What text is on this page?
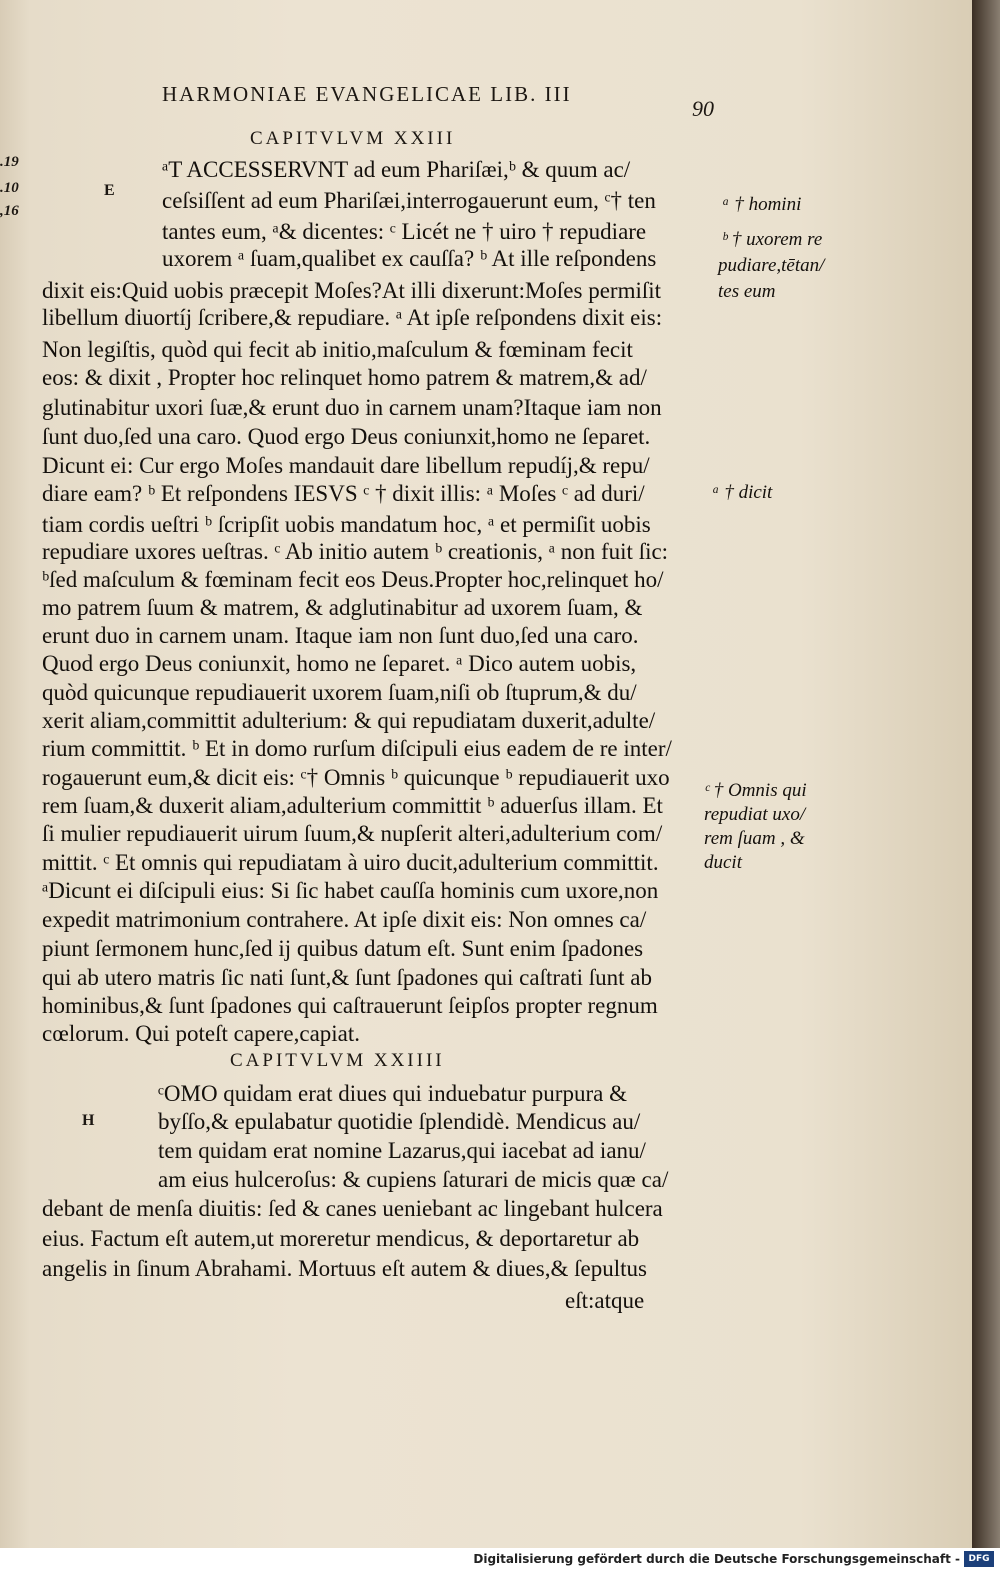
HARMONIAE EVANGELICAE LIB. III
90
.19
.10
,16
E
H
CAPITVLVM XXIII
ᵃT ACCESSERVNT ad eum Phariſæi,ᵇ & quum ac/
ceſsiſſent ad eum Phariſæi,interrogauerunt eum, ᶜ† ten
tantes eum, ᵃ& dicentes: ᶜ Licét ne † uiro † repudiare
uxorem ᵃ ſuam,qualibet ex cauſſa? ᵇ At ille reſpondens
dixit eis:Quid uobis præcepit Moſes?At illi dixerunt:Moſes permiſit
libellum diuortíj ſcribere,& repudiare. ᵃ At ipſe reſpondens dixit eis:
Non legiſtis, quòd qui fecit ab initio,maſculum & fœminam fecit
eos: & dixit , Propter hoc relinquet homo patrem & matrem,& ad/
glutinabitur uxori ſuæ,& erunt duo in carnem unam?Itaque iam non
ſunt duo,ſed una caro. Quod ergo Deus coniunxit,homo ne ſeparet.
Dicunt ei: Cur ergo Moſes mandauit dare libellum repudíj,& repu/
diare eam? ᵇ Et reſpondens IESVS ᶜ † dixit illis: ᵃ Moſes ᶜ ad duri/
tiam cordis ueſtri ᵇ ſcripſit uobis mandatum hoc, ᵃ et permiſit uobis
repudiare uxores ueſtras. ᶜ Ab initio autem ᵇ creationis, ᵃ non fuit ſic:
ᵇſed maſculum & fœminam fecit eos Deus.Propter hoc,relinquet ho/
mo patrem ſuum & matrem, & adglutinabitur ad uxorem ſuam, &
erunt duo in carnem unam. Itaque iam non ſunt duo,ſed una caro.
Quod ergo Deus coniunxit, homo ne ſeparet. ᵃ Dico autem uobis,
quòd quicunque repudiauerit uxorem ſuam,niſi ob ſtuprum,& du/
xerit aliam,committit adulterium: & qui repudiatam duxerit,adulte/
rium committit. ᵇ Et in domo rurſum diſcipuli eius eadem de re inter/
rogauerunt eum,& dicit eis: ᶜ† Omnis ᵇ quicunque ᵇ repudiauerit uxo
rem ſuam,& duxerit aliam,adulterium committit ᵇ aduerſus illam. Et
ſi mulier repudiauerit uirum ſuum,& nupſerit alteri,adulterium com/
mittit. ᶜ Et omnis qui repudiatam à uiro ducit,adulterium committit.
ᵃDicunt ei diſcipuli eius: Si ſic habet cauſſa hominis cum uxore,non
expedit matrimonium contrahere. At ipſe dixit eis: Non omnes ca/
piunt ſermonem hunc,ſed ij quibus datum eſt. Sunt enim ſpadones
qui ab utero matris ſic nati ſunt,& ſunt ſpadones qui caſtrati ſunt ab
hominibus,& ſunt ſpadones qui caſtrauerunt ſeipſos propter regnum
cœlorum. Qui poteſt capere,capiat.
ᵃ † homini
ᵇ † uxorem re
pudiare,tētan/
tes eum
ᵃ † dicit
ᶜ † Omnis qui
repudiat uxo/
rem ſuam , &
ducit
CAPITVLVM XXIIII
ᶜOMO quidam erat diues qui induebatur purpura &
byſſo,& epulabatur quotidie ſplendidè. Mendicus au/
tem quidam erat nomine Lazarus,qui iacebat ad ianu/
am eius hulceroſus: & cupiens ſaturari de micis quæ ca/
debant de menſa diuitis: ſed & canes ueniebant ac lingebant hulcera
eius. Factum eſt autem,ut moreretur mendicus, & deportaretur ab
angelis in ſinum Abrahami. Mortuus eſt autem & diues,& ſepultus
eſt:atque
Digitalisierung gefördert durch die Deutsche Forschungsgemeinschaft - DFG
